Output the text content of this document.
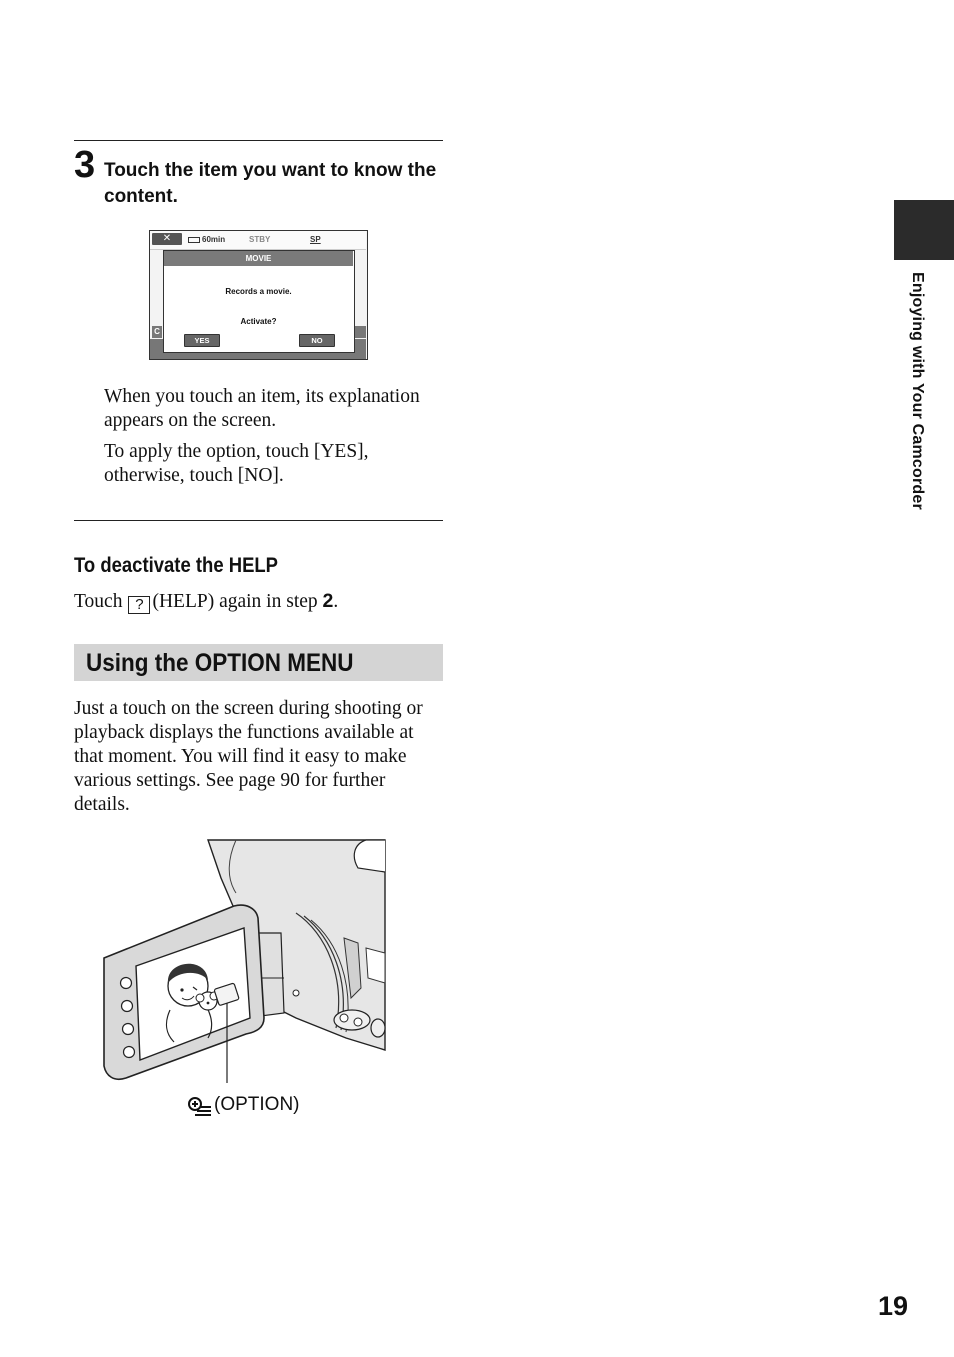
3 Touch the item you want to know the content.
✕	60min	STBY	SP
C
MOVIE
Records a movie.
Activate?
YES	NO
When you touch an item, its explanation appears on the screen.
To apply the option, touch [YES], otherwise, touch [NO].
To deactivate the HELP
Touch ? (HELP) again in step 2.
Using the OPTION MENU
Just a touch on the screen during shooting or playback displays the functions available at that moment. You will find it easy to make various settings. See page 90 for further details.
(OPTION)
Enjoying with Your Camcorder
19
